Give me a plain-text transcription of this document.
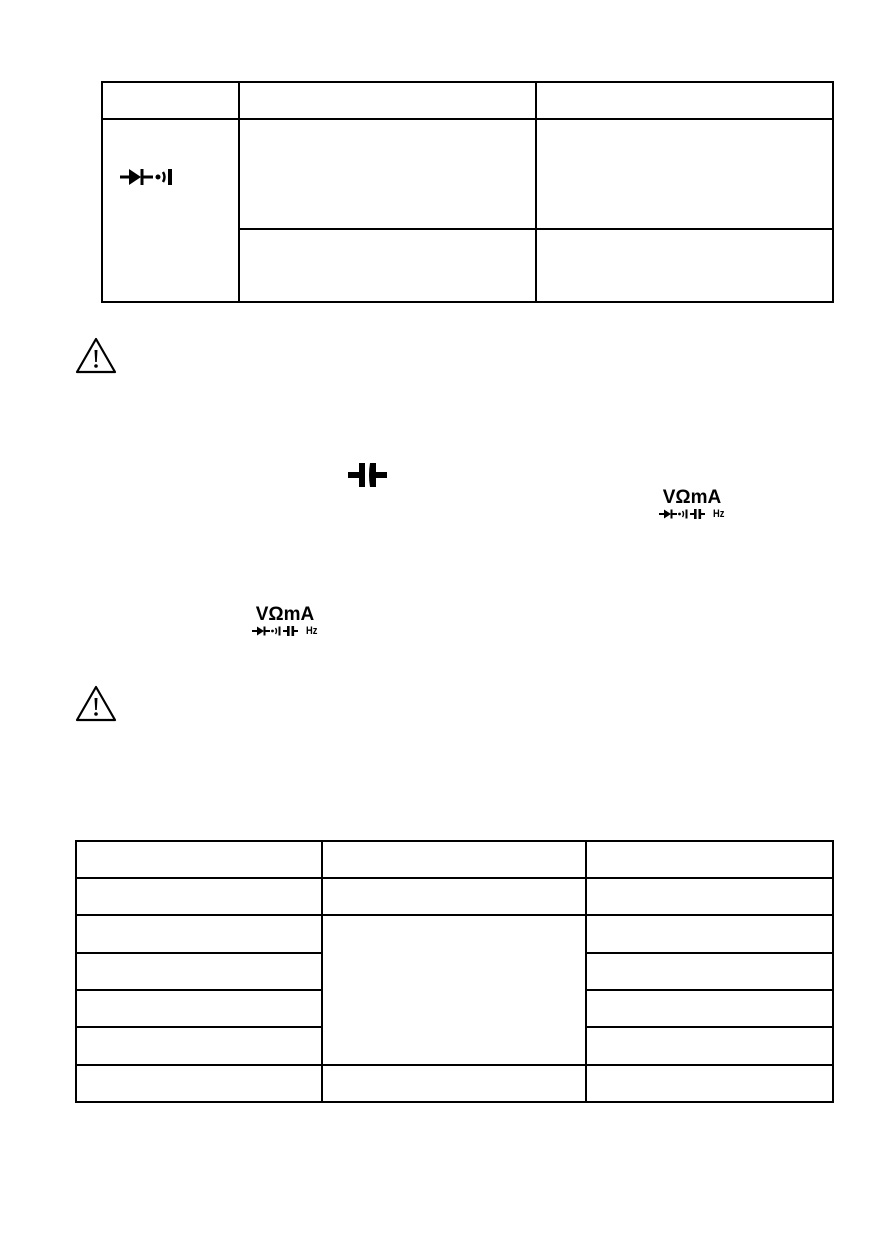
VΩmA
Hz
VΩmA
Hz
